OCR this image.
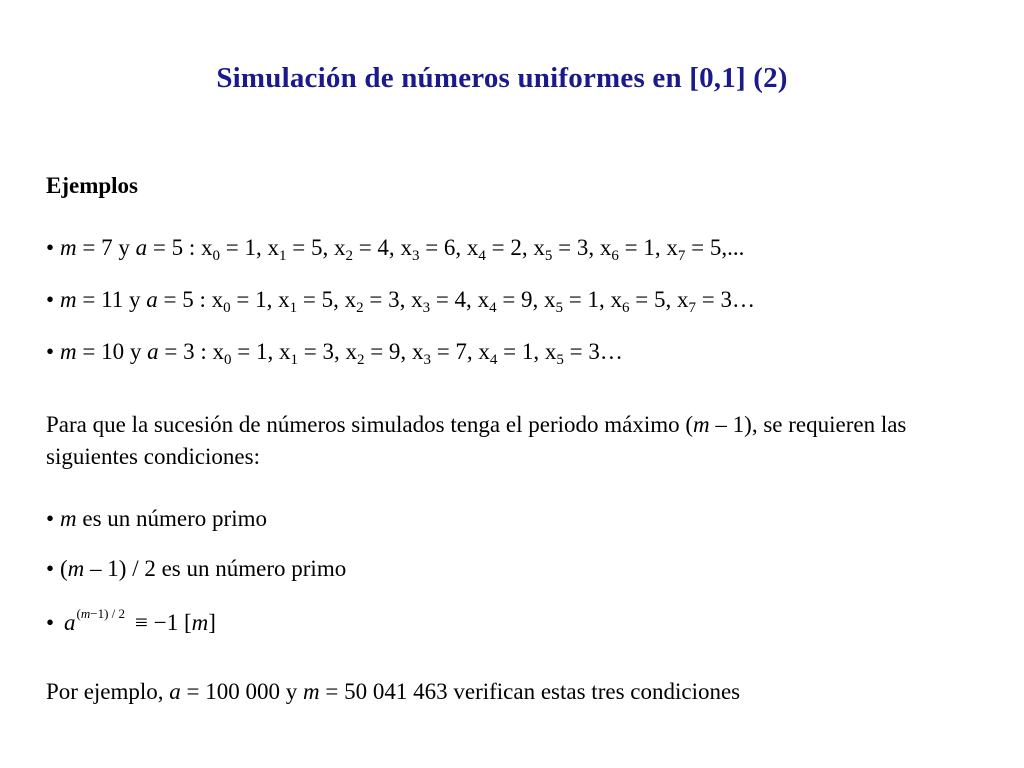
Simulación de números uniformes en [0,1] (2)
Ejemplos
• m = 7 y a = 5 : $x_0 = 1$, $x_1 = 5$, $x_2 = 4$, $x_3 = 6$, $x_4 = 2$, $x_5 = 3$, $x_6 = 1$, $x_7 = 5$,...
• m = 11 y a = 5 : $x_0 = 1$, $x_1 = 5$, $x_2 = 3$, $x_3 = 4$, $x_4 = 9$, $x_5 = 1$, $x_6 = 5$, $x_7$ = 3…
• m = 10 y a = 3 : $x_0 = 1$, $x_1 = 3$, $x_2 = 9$, $x_3 = 7$, $x_4 = 1$, $x_5$ = 3…
Para que la sucesión de números simulados tenga el periodo máximo (m – 1), se requieren las siguientes condiciones:
• m es un número primo
• (m – 1) / 2 es un número primo
• $a^{(m-1) / 2} \equiv -1$ [m]
Por ejemplo, a = 100 000 y m = 50 041 463 verifican estas tres condiciones
